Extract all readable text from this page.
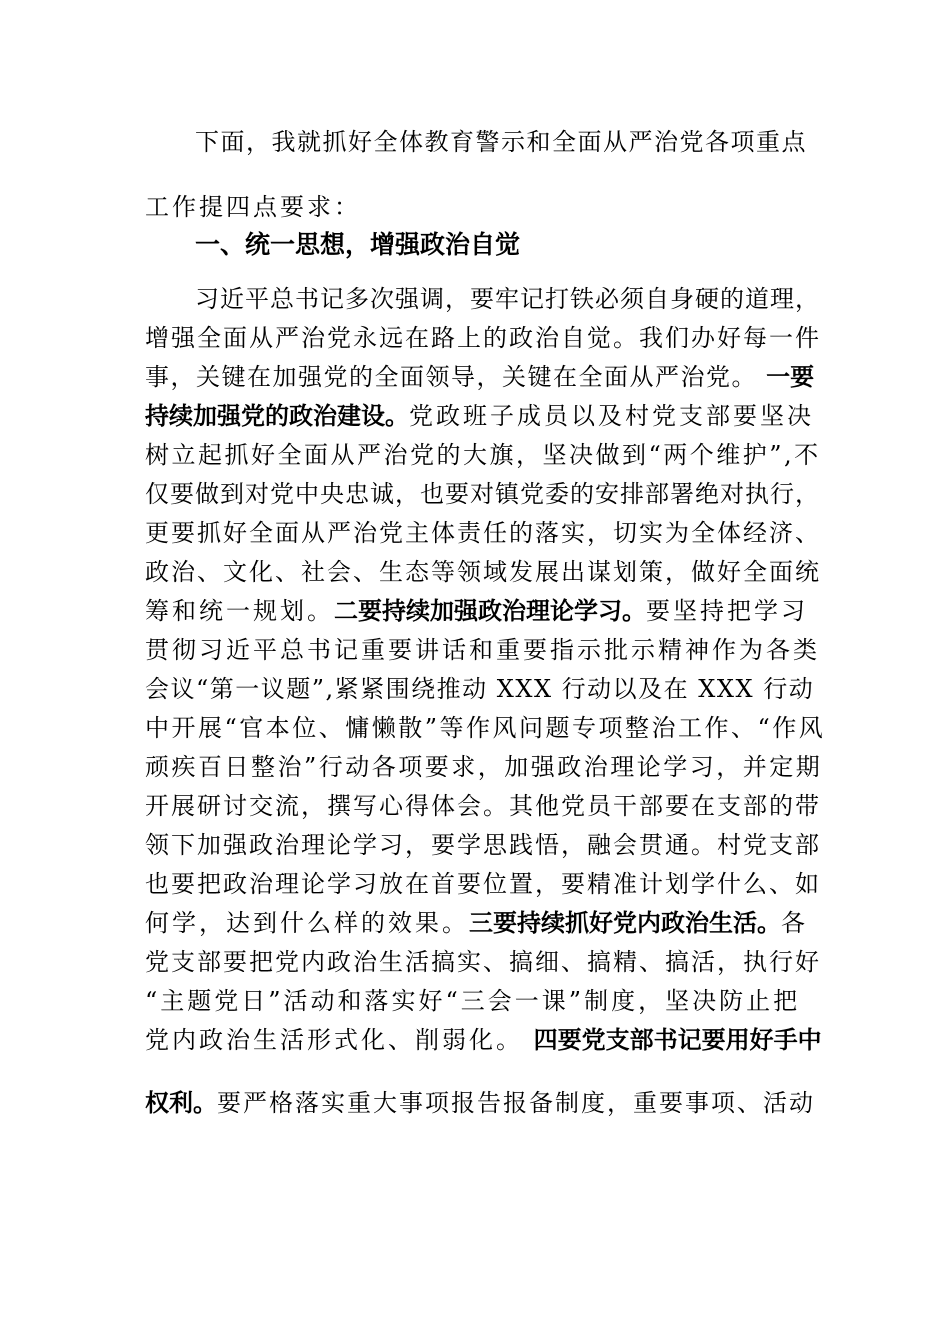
下面，我就抓好全体教育警示和全面从严治党各项重点
工作提四点要求：
一、统一思想，增强政治自觉
习近平总书记多次强调，要牢记打铁必须自身硬的道理，
增强全面从严治党永远在路上的政治自觉。我们办好每一件
事，关键在加强党的全面领导，关键在全面从严治党。 一要
持续加强党的政治建设。党政班子成员以及村党支部要坚决
树立起抓好全面从严治党的大旗，坚决做到“两个维护”,不
仅要做到对党中央忠诚，也要对镇党委的安排部署绝对执行，
更要抓好全面从严治党主体责任的落实，切实为全体经济、
政治、文化、社会、生态等领域发展出谋划策，做好全面统
筹和统一规划。二要持续加强政治理论学习。要坚持把学习
贯彻习近平总书记重要讲话和重要指示批示精神作为各类
会议“第一议题”,紧紧围绕推动 XXX 行动以及在 XXX 行动
中开展“官本位、慵懒散”等作风问题专项整治工作、“作风
顽疾百日整治”行动各项要求，加强政治理论学习，并定期
开展研讨交流，撰写心得体会。其他党员干部要在支部的带
领下加强政治理论学习，要学思践悟，融会贯通。村党支部
也要把政治理论学习放在首要位置，要精准计划学什么、如
何学，达到什么样的效果。三要持续抓好党内政治生活。各
党支部要把党内政治生活搞实、搞细、搞精、搞活，执行好
“主题党日”活动和落实好“三会一课”制度，坚决防止把
党内政治生活形式化、削弱化。 四要党支部书记要用好手中
权利。要严格落实重大事项报告报备制度，重要事项、活动
